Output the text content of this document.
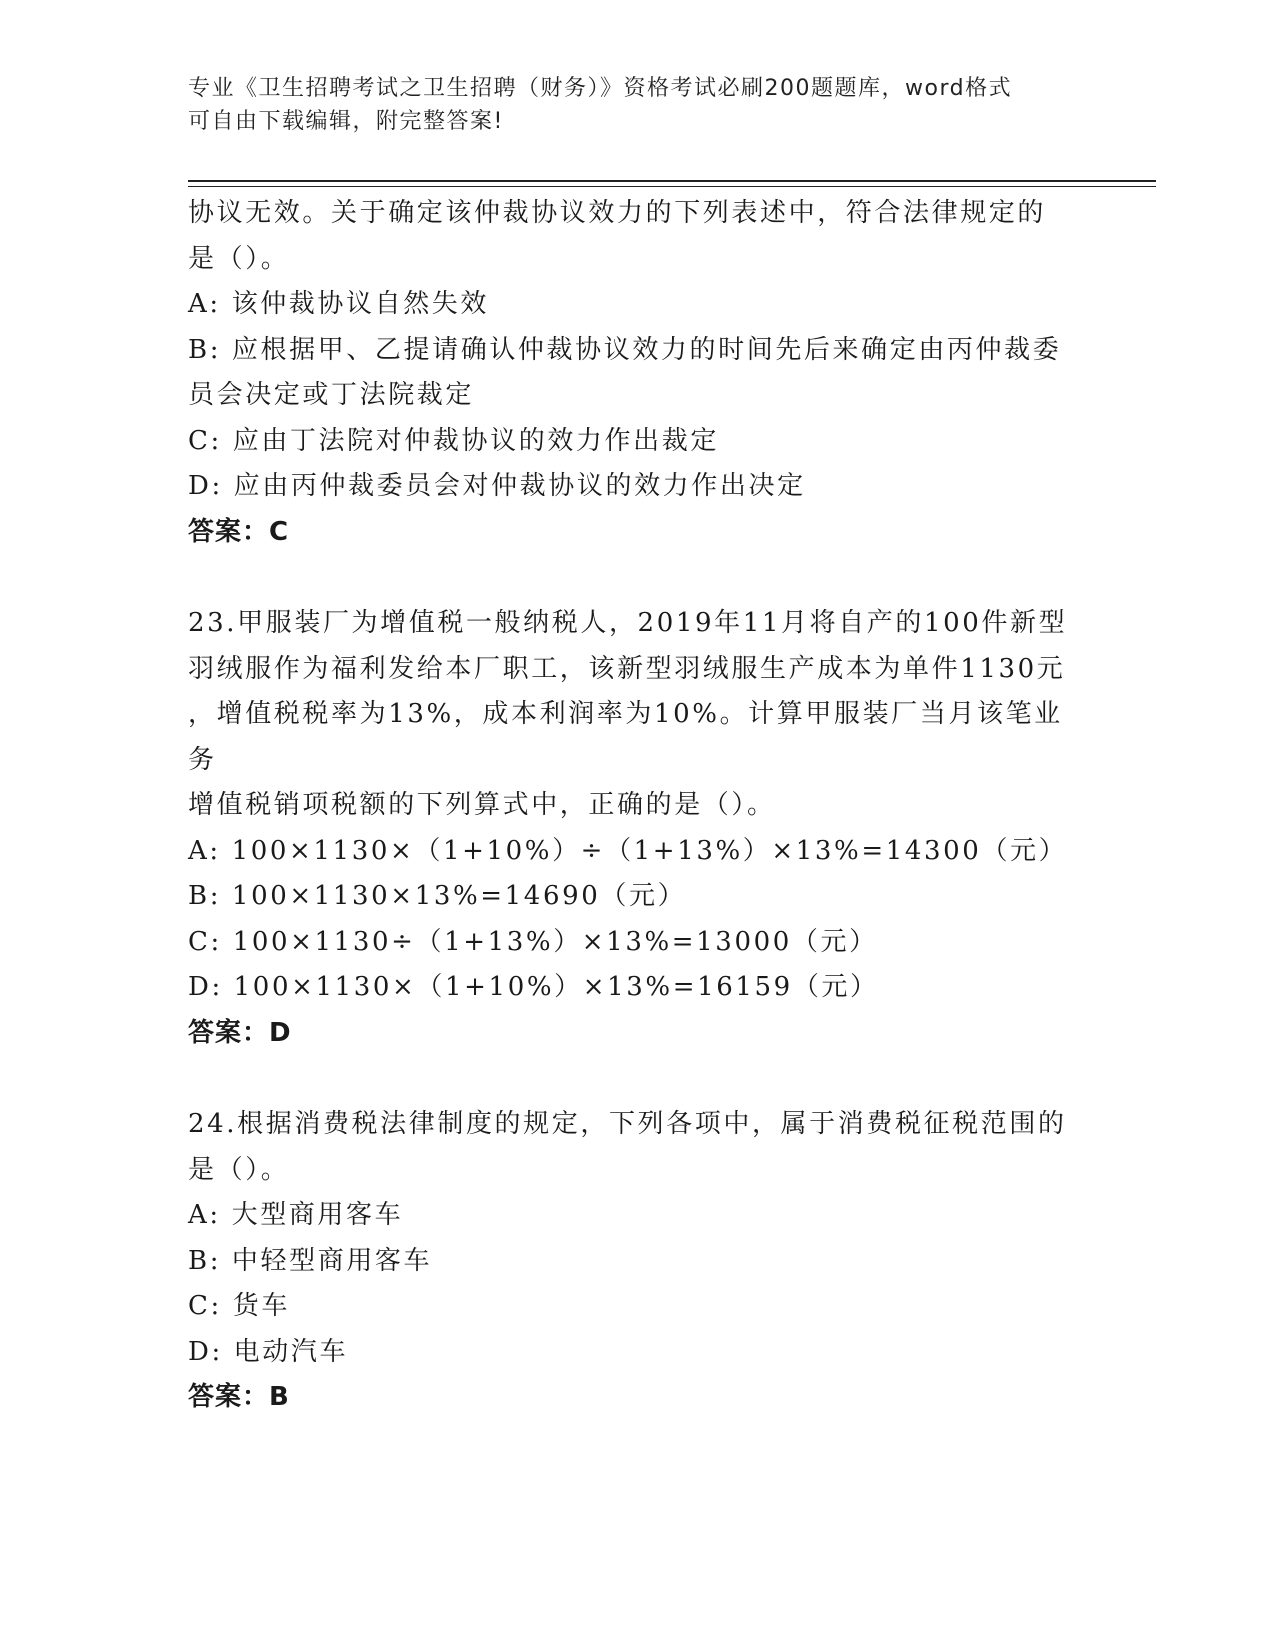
专业《卫生招聘考试之卫生招聘（财务）》资格考试必刷200题题库，word格式
可自由下载编辑，附完整答案!

协议无效。关于确定该仲裁协议效力的下列表述中，符合法律规定的

是（）。

A: 该仲裁协议自然失效

B: 应根据甲、乙提请确认仲裁协议效力的时间先后来确定由丙仲裁委

员会决定或丁法院裁定

C: 应由丁法院对仲裁协议的效力作出裁定

D: 应由丙仲裁委员会对仲裁协议的效力作出决定

答案：C

23.甲服装厂为增值税一般纳税人，2019年11月将自产的100件新型

羽绒服作为福利发给本厂职工，该新型羽绒服生产成本为单件1130元

，增值税税率为13%，成本利润率为10%。计算甲服装厂当月该笔业务

增值税销项税额的下列算式中，正确的是（）。

A: 100×1130×（1+10%）÷（1+13%）×13%=14300（元）

B: 100×1130×13%=14690（元）

C: 100×1130÷（1+13%）×13%=13000（元）

D: 100×1130×（1+10%）×13%=16159（元）

答案：D

24.根据消费税法律制度的规定，下列各项中，属于消费税征税范围的

是（）。

A: 大型商用客车

B: 中轻型商用客车

C: 货车

D: 电动汽车

答案：B
